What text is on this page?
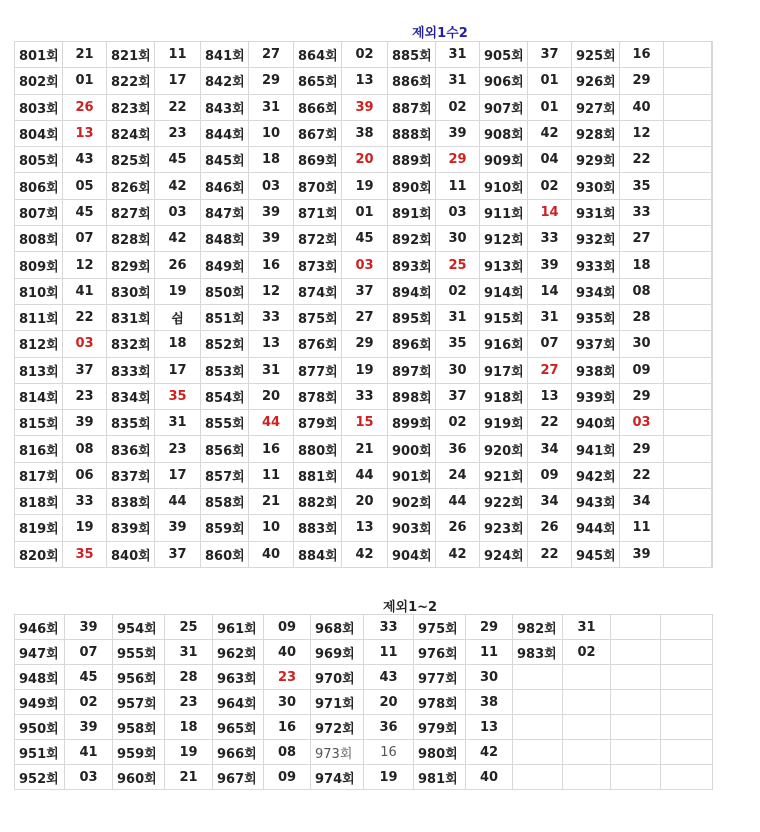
제외1수2
801회	21	821회	11	841회	27	864회	02	885회	31	905회	37	925회	16		
802회	01	822회	17	842회	29	865회	13	886회	31	906회	01	926회	29		
803회	26	823회	22	843회	31	866회	39	887회	02	907회	01	927회	40		
804회	13	824회	23	844회	10	867회	38	888회	39	908회	42	928회	12		
805회	43	825회	45	845회	18	869회	20	889회	29	909회	04	929회	22		
806회	05	826회	42	846회	03	870회	19	890회	11	910회	02	930회	35		
807회	45	827회	03	847회	39	871회	01	891회	03	911회	14	931회	33		
808회	07	828회	42	848회	39	872회	45	892회	30	912회	33	932회	27		
809회	12	829회	26	849회	16	873회	03	893회	25	913회	39	933회	18		
810회	41	830회	19	850회	12	874회	37	894회	02	914회	14	934회	08		
811회	22	831회	쉼	851회	33	875회	27	895회	31	915회	31	935회	28		
812회	03	832회	18	852회	13	876회	29	896회	35	916회	07	937회	30		
813회	37	833회	17	853회	31	877회	19	897회	30	917회	27	938회	09		
814회	23	834회	35	854회	20	878회	33	898회	37	918회	13	939회	29		
815회	39	835회	31	855회	44	879회	15	899회	02	919회	22	940회	03		
816회	08	836회	23	856회	16	880회	21	900회	36	920회	34	941회	29		
817회	06	837회	17	857회	11	881회	44	901회	24	921회	09	942회	22		
818회	33	838회	44	858회	21	882회	20	902회	44	922회	34	943회	34		
819회	19	839회	39	859회	10	883회	13	903회	26	923회	26	944회	11		
820회	35	840회	37	860회	40	884회	42	904회	42	924회	22	945회	39		
제외1~2
946회	39	954회	25	961회	09	968회	33	975회	29	982회	31		
947회	07	955회	31	962회	40	969회	11	976회	11	983회	02		
948회	45	956회	28	963회	23	970회	43	977회	30				
949회	02	957회	23	964회	30	971회	20	978회	38				
950회	39	958회	18	965회	16	972회	36	979회	13				
951회	41	959회	19	966회	08	973회	16	980회	42				
952회	03	960회	21	967회	09	974회	19	981회	40				
